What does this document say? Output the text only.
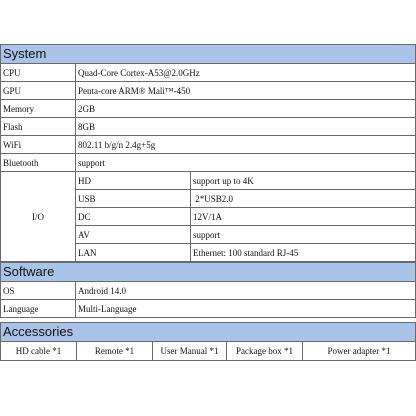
System
CPU	Quad-Core Cortex-A53@2.0GHz	
GPU	Penta-core ARM® Mali™-450	
Memory	2GB	
Flash	8GB	
WiFi	802.11 b/g/n 2.4g+5g	
Bluetooth	support	
I/O	HD	support up to 4K
	USB	2*USB2.0
	DC	12V/1A
	AV	support
	LAN	Ethernet: 100 standard RJ-45
Software
OS	Android 14.0
Language	Multi-Language
Accessories
HD cable *1	Remote *1	User Manual *1	Package box *1	Power adapter *1
